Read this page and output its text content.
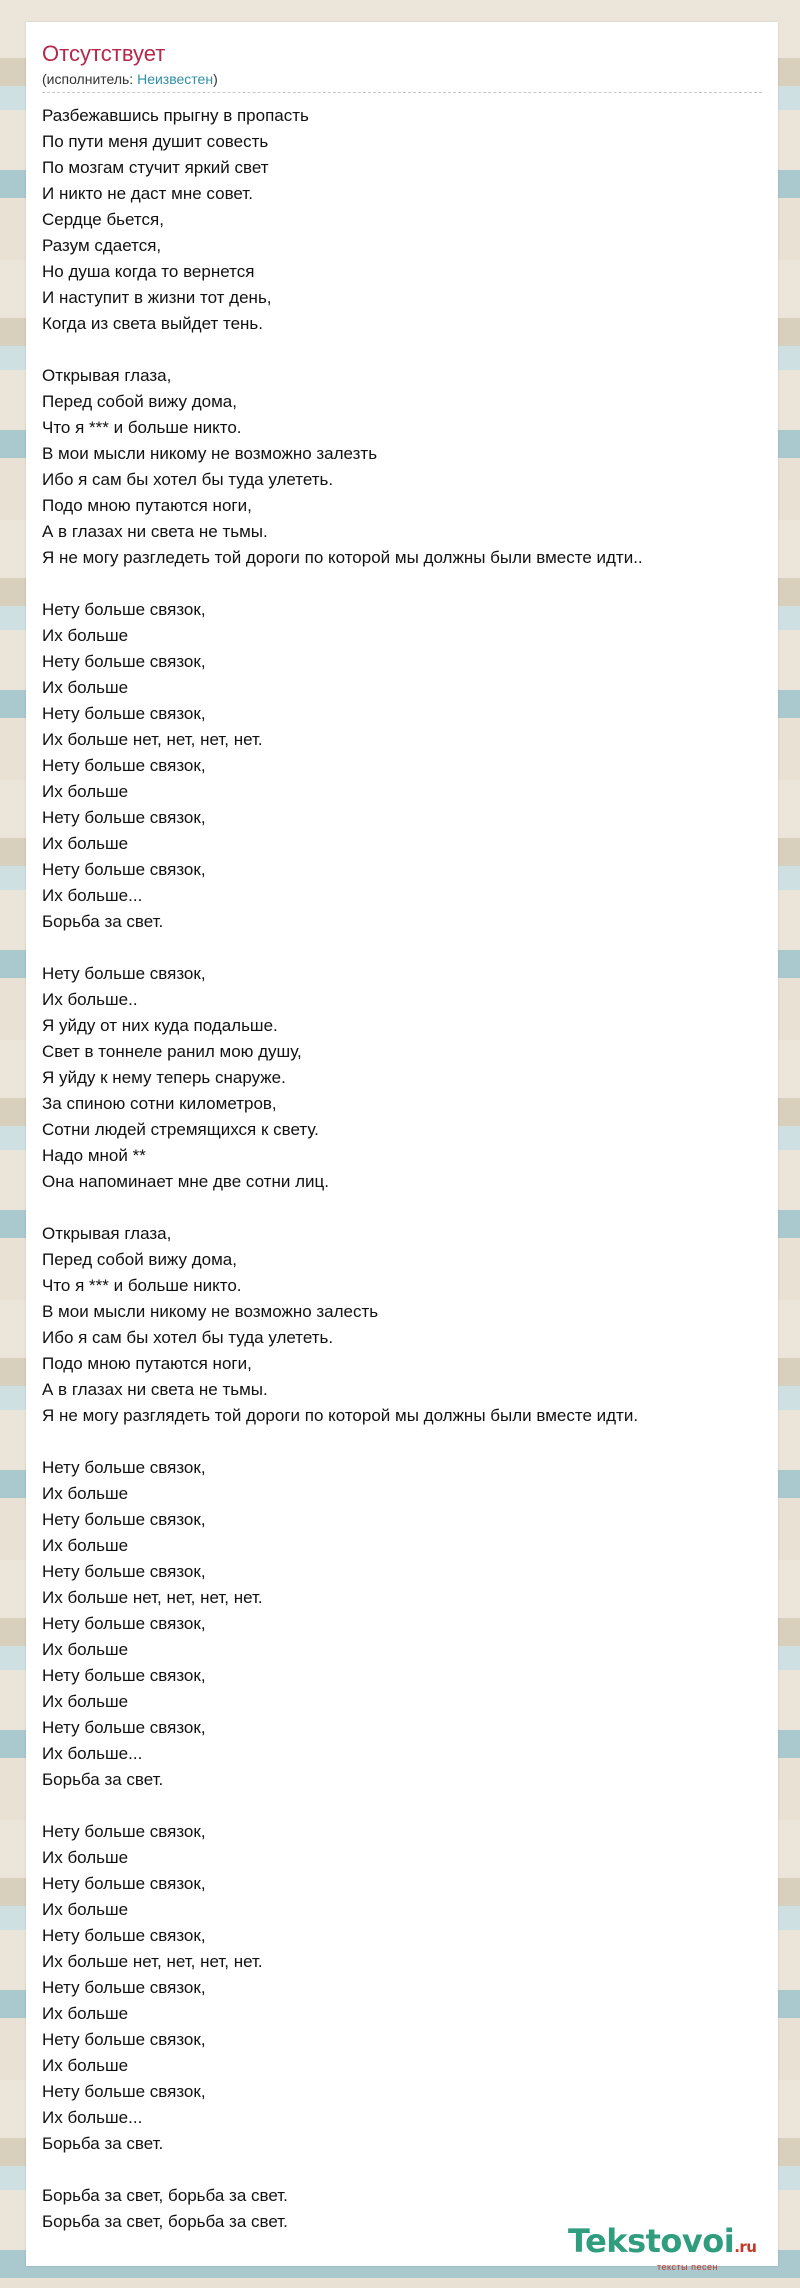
Отсутствует
(исполнитель: Неизвестен)
Разбежавшись прыгну в пропасть
По пути меня душит совесть
По мозгам стучит яркий свет
И никто не даст мне совет.
Сердце бьется,
Разум сдается,
Но душа когда то вернется
И наступит в жизни тот день,
Когда из света выйдет тень.
Открывая глаза,
Перед собой вижу дома,
Что я *** и больше никто.
В мои мысли никому не возможно залезть
Ибо я сам бы хотел бы туда улететь.
Подо мною путаются ноги,
А в глазах ни света не тьмы.
Я не могу разгледеть той дороги по которой мы должны были вместе идти..
Нету больше связок,
Их больше
Нету больше связок,
Их больше
Нету больше связок,
Их больше нет, нет, нет, нет.
Нету больше связок,
Их больше
Нету больше связок,
Их больше
Нету больше связок,
Их больше...
Борьба за свет.
Нету больше связок,
Их больше..
Я уйду от них куда подальше.
Свет в тоннеле ранил мою душу,
Я уйду к нему теперь снаруже.
За спиною сотни километров,
Сотни людей стремящихся к свету.
Надо мной **
Она напоминает мне две сотни лиц.
Открывая глаза,
Перед собой вижу дома,
Что я *** и больше никто.
В мои мысли никому не возможно залесть
Ибо я сам бы хотел бы туда улететь.
Подо мною путаются ноги,
А в глазах ни света не тьмы.
Я не могу разглядеть той дороги по которой мы должны были вместе идти.
Нету больше связок,
Их больше
Нету больше связок,
Их больше
Нету больше связок,
Их больше нет, нет, нет, нет.
Нету больше связок,
Их больше
Нету больше связок,
Их больше
Нету больше связок,
Их больше...
Борьба за свет.
Нету больше связок,
Их больше
Нету больше связок,
Их больше
Нету больше связок,
Их больше нет, нет, нет, нет.
Нету больше связок,
Их больше
Нету больше связок,
Их больше
Нету больше связок,
Их больше...
Борьба за свет.
Борьба за свет, борьба за свет.
Борьба за свет, борьба за свет.
Tekstovoi.ru
тексты песен
